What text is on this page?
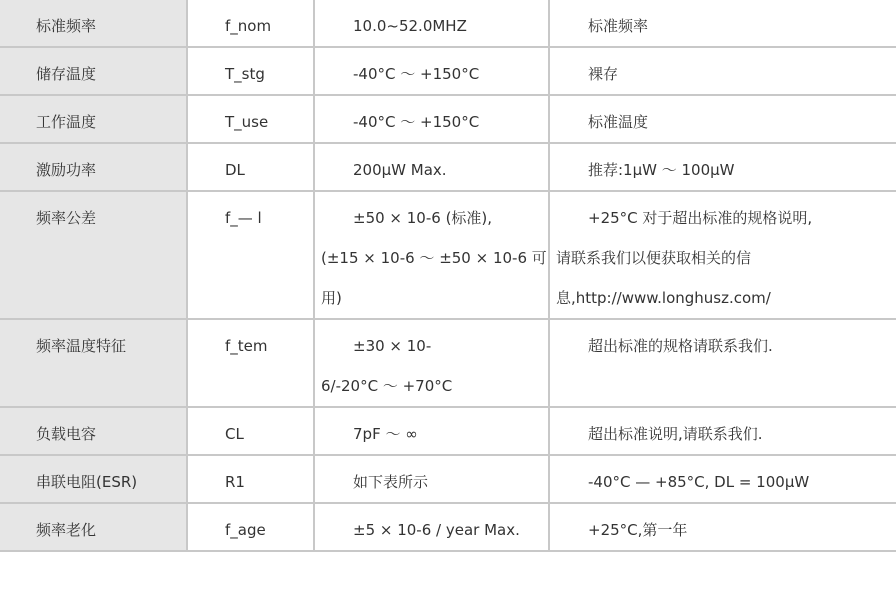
标准频率	f_nom	10.0~52.0MHZ	标准频率

储存温度	T_stg	-40°C ～ +150°C	裸存

工作温度	T_use	-40°C ～ +150°C	标准温度

激励功率	DL	200μW Max.	推荐:1μW ～ 100μW

频率公差	f_— l	±50 × 10-6 (标准),
(±15 × 10-6 ～ ±50 × 10-6 可
用)	+25°C 对于超出标准的规格说明,
请联系我们以便获取相关的信
息,http://www.longhusz.com/

频率温度特征	f_tem	±30 × 10-
6/-20°C ～ +70°C	超出标准的规格请联系我们.

负载电容	CL	7pF ～ ∞	超出标准说明,请联系我们.

串联电阻(ESR)	R1	如下表所示	-40°C — +85°C, DL = 100μW

频率老化	f_age	±5 × 10-6 / year Max.	+25°C,第一年
